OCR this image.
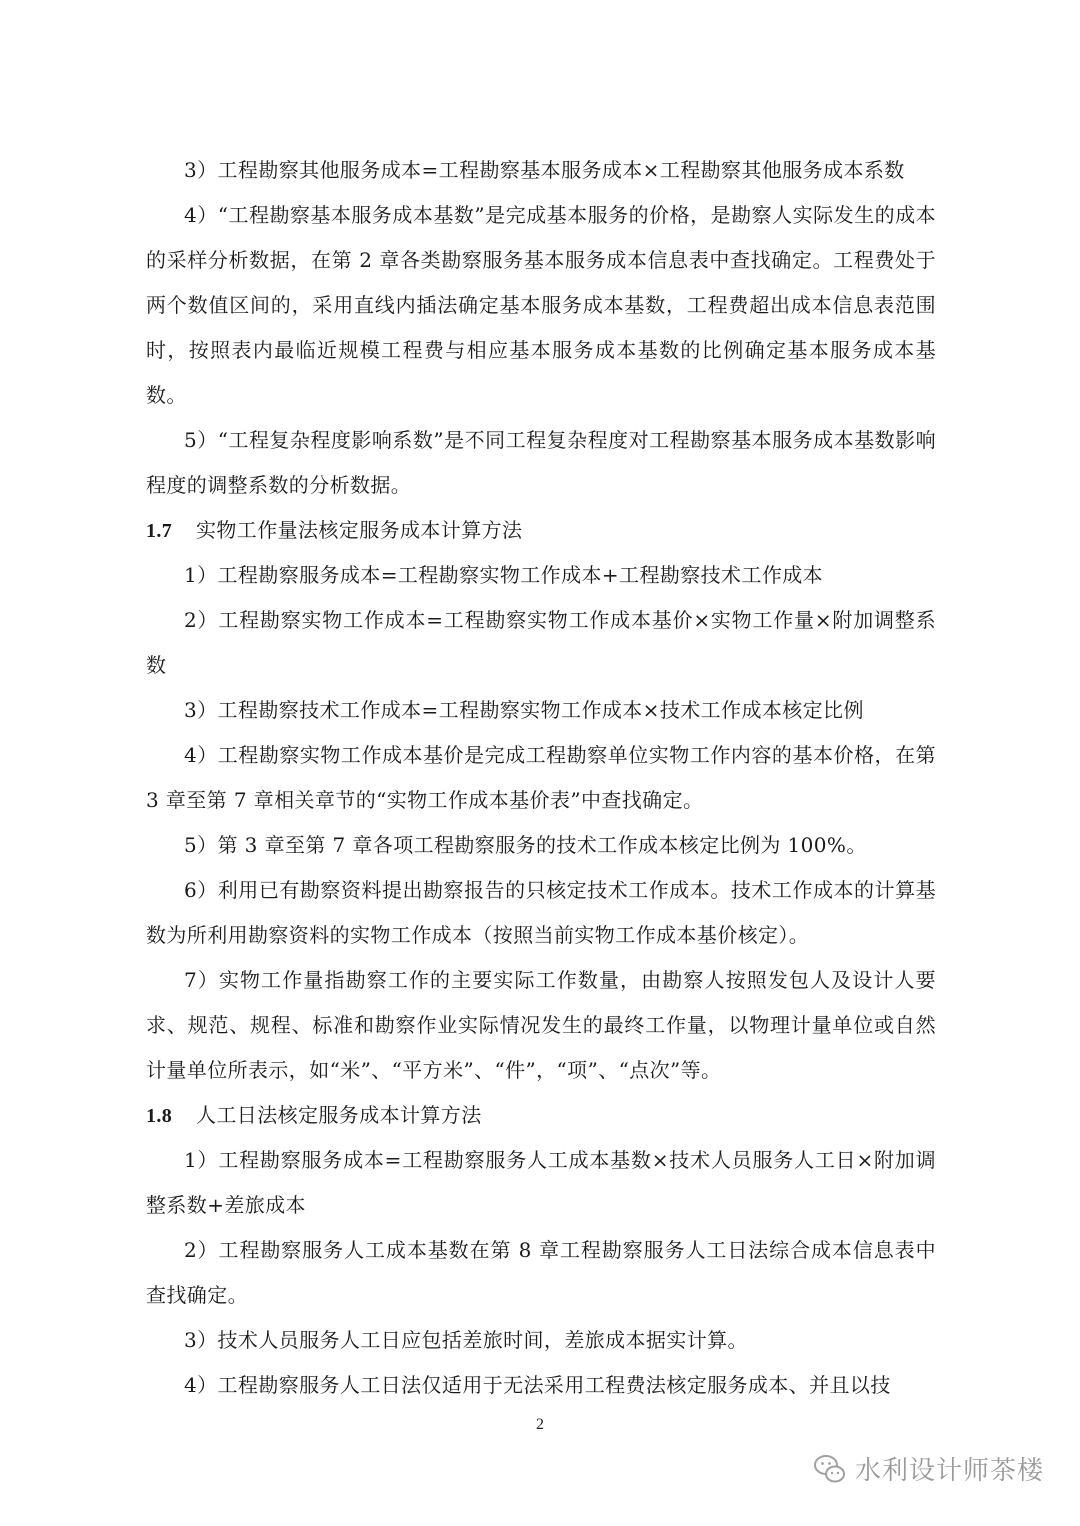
3）工程勘察其他服务成本=工程勘察基本服务成本×工程勘察其他服务成本系数

4）“工程勘察基本服务成本基数”是完成基本服务的价格，是勘察人实际发生的成本的采样分析数据，在第 2 章各类勘察服务基本服务成本信息表中查找确定。工程费处于两个数值区间的，采用直线内插法确定基本服务成本基数，工程费超出成本信息表范围时，按照表内最临近规模工程费与相应基本服务成本基数的比例确定基本服务成本基数。

5）“工程复杂程度影响系数”是不同工程复杂程度对工程勘察基本服务成本基数影响程度的调整系数的分析数据。

1.7 实物工作量法核定服务成本计算方法

1）工程勘察服务成本=工程勘察实物工作成本+工程勘察技术工作成本

2）工程勘察实物工作成本=工程勘察实物工作成本基价×实物工作量×附加调整系数

3）工程勘察技术工作成本=工程勘察实物工作成本×技术工作成本核定比例

4）工程勘察实物工作成本基价是完成工程勘察单位实物工作内容的基本价格，在第 3 章至第 7 章相关章节的“实物工作成本基价表”中查找确定。

5）第 3 章至第 7 章各项工程勘察服务的技术工作成本核定比例为 100%。

6）利用已有勘察资料提出勘察报告的只核定技术工作成本。技术工作成本的计算基数为所利用勘察资料的实物工作成本（按照当前实物工作成本基价核定）。

7）实物工作量指勘察工作的主要实际工作数量，由勘察人按照发包人及设计人要求、规范、规程、标准和勘察作业实际情况发生的最终工作量，以物理计量单位或自然计量单位所表示，如“米”、“平方米”、“件”，“项”、“点次”等。

1.8 人工日法核定服务成本计算方法

1）工程勘察服务成本=工程勘察服务人工成本基数×技术人员服务人工日×附加调整系数+差旅成本

2）工程勘察服务人工成本基数在第 8 章工程勘察服务人工日法综合成本信息表中查找确定。

3）技术人员服务人工日应包括差旅时间，差旅成本据实计算。

4）工程勘察服务人工日法仅适用于无法采用工程费法核定服务成本、并且以技

2
水利设计师茶楼
